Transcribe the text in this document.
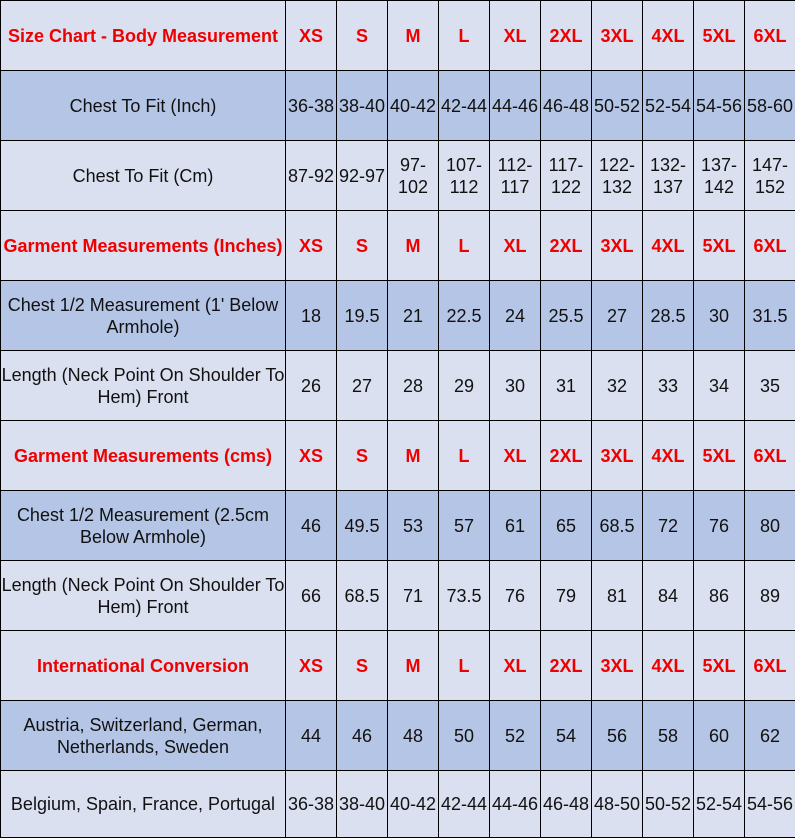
Size Chart - Body Measurement	XS	S	M	L	XL	2XL	3XL	4XL	5XL	6XL
Chest To Fit (Inch)	36-38	38-40	40-42	42-44	44-46	46-48	50-52	52-54	54-56	58-60
Chest To Fit (Cm)	87-92	92-97	97-102	107-112	112-117	117-122	122-132	132-137	137-142	147-152
Garment Measurements (Inches)	XS	S	M	L	XL	2XL	3XL	4XL	5XL	6XL
Chest 1/2 Measurement (1' Below Armhole)	18	19.5	21	22.5	24	25.5	27	28.5	30	31.5
Length (Neck Point On Shoulder To Hem) Front	26	27	28	29	30	31	32	33	34	35
Garment Measurements (cms)	XS	S	M	L	XL	2XL	3XL	4XL	5XL	6XL
Chest 1/2 Measurement (2.5cm Below Armhole)	46	49.5	53	57	61	65	68.5	72	76	80
Length (Neck Point On Shoulder To Hem) Front	66	68.5	71	73.5	76	79	81	84	86	89
International Conversion	XS	S	M	L	XL	2XL	3XL	4XL	5XL	6XL
Austria, Switzerland, German, Netherlands, Sweden	44	46	48	50	52	54	56	58	60	62
Belgium, Spain, France, Portugal	36-38	38-40	40-42	42-44	44-46	46-48	48-50	50-52	52-54	54-56
